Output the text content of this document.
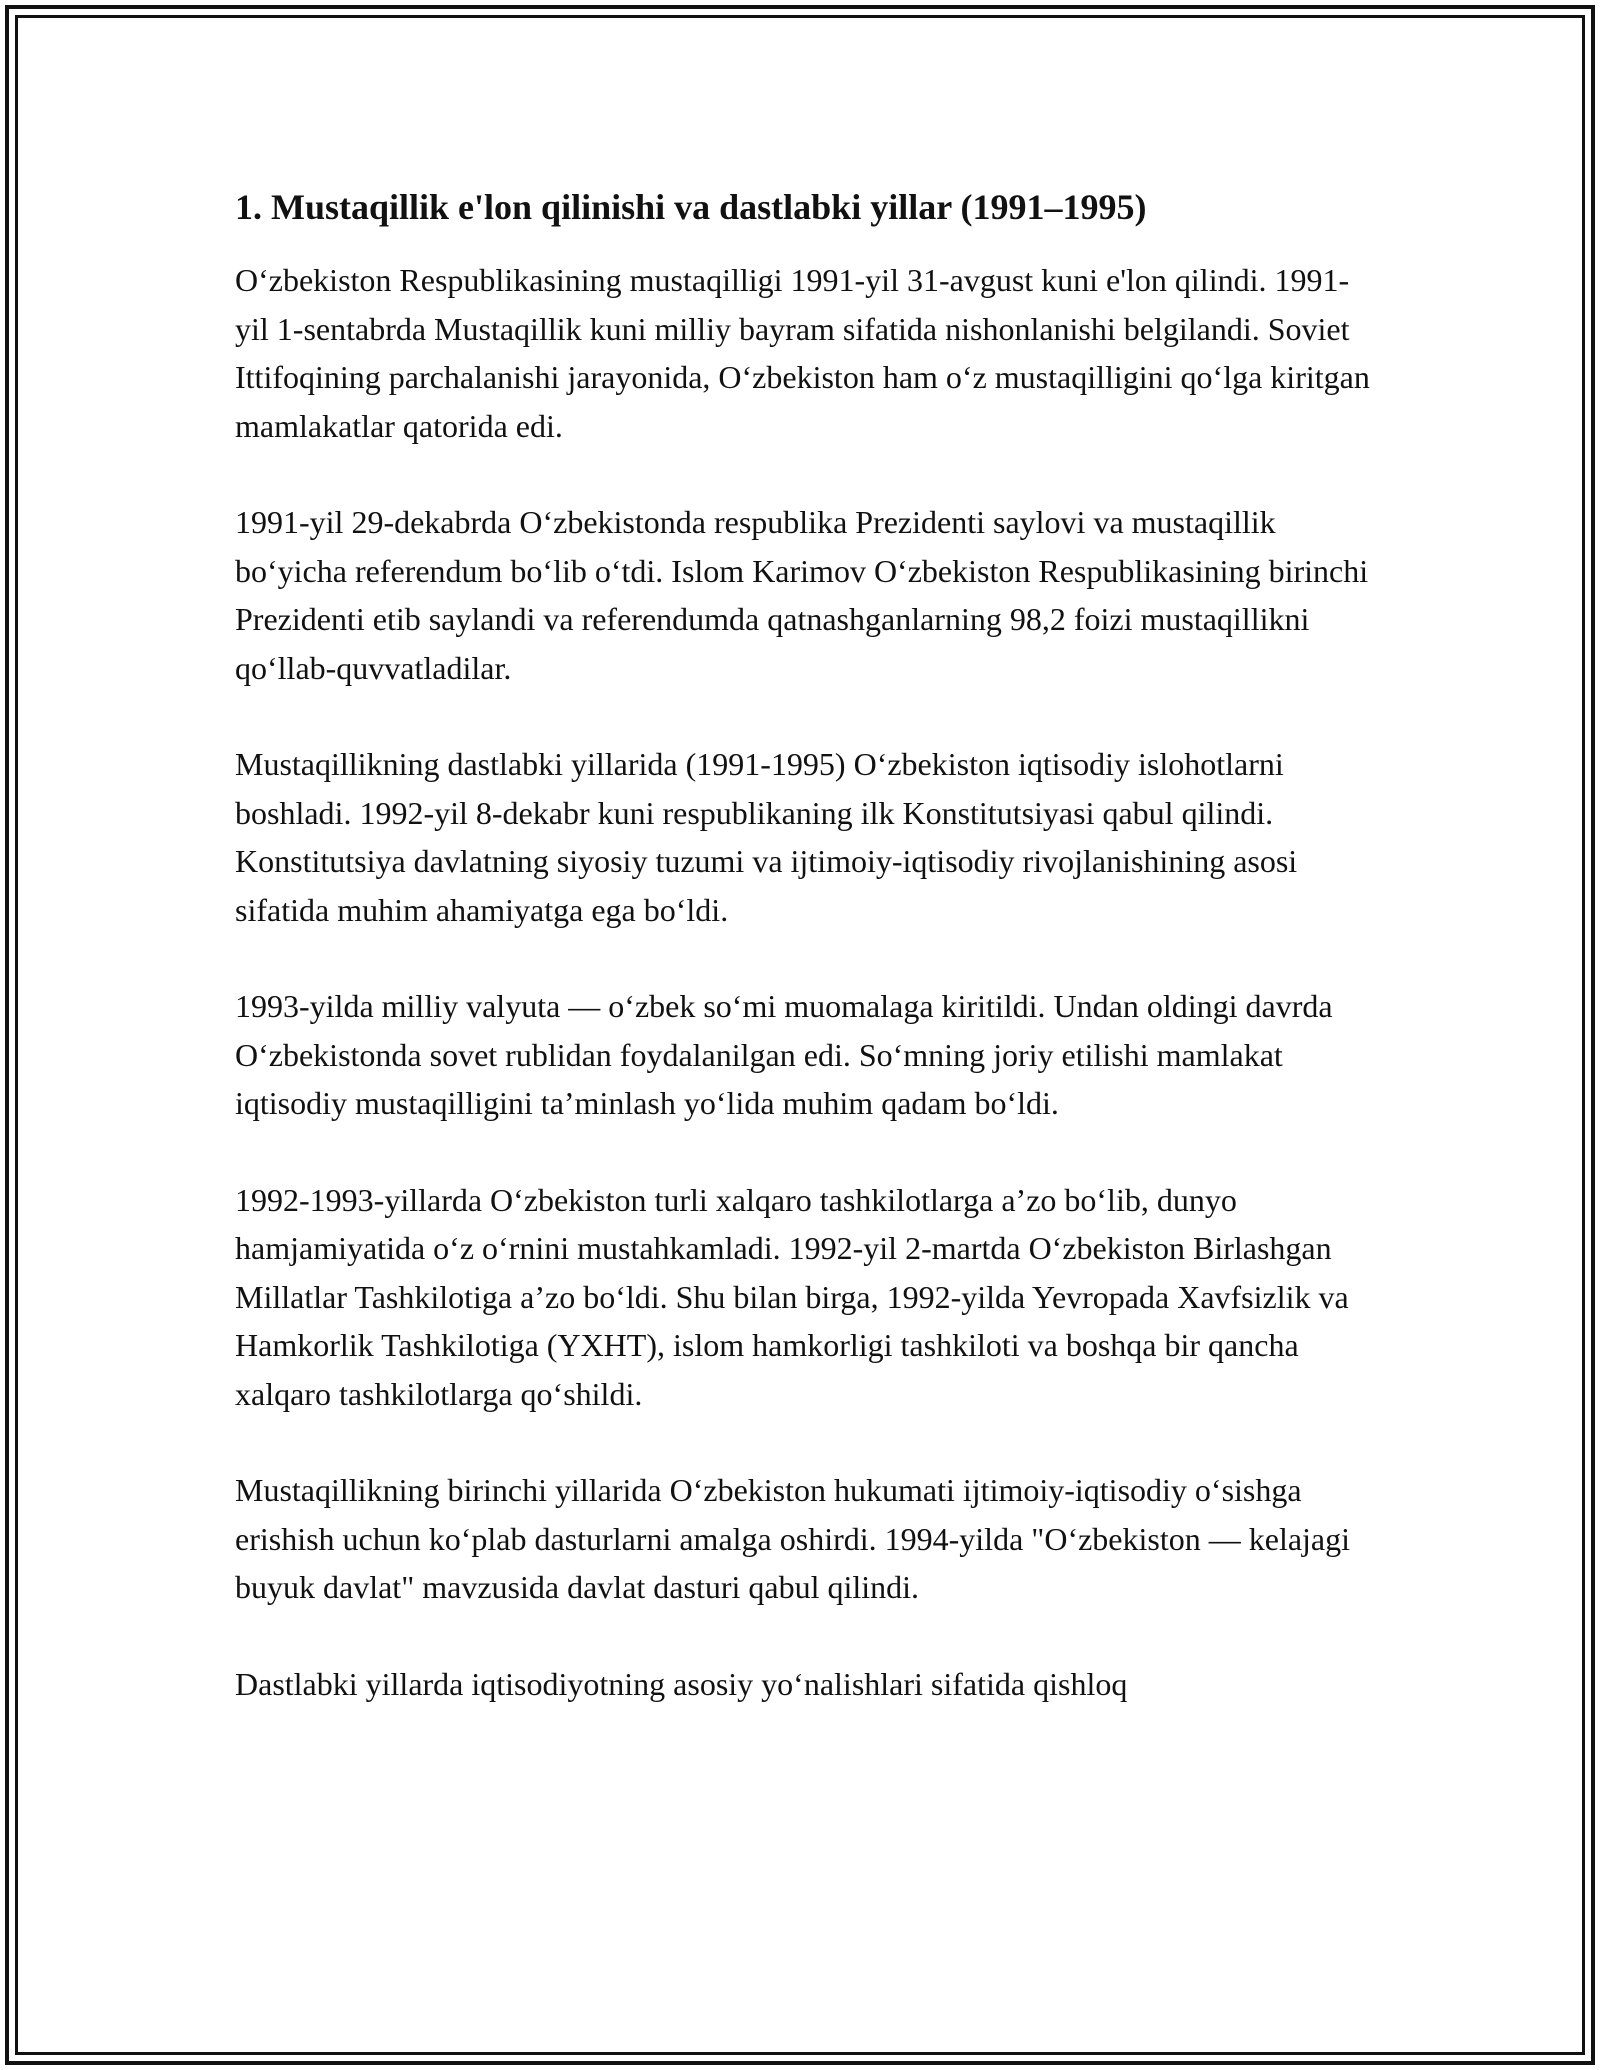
1. Mustaqillik e'lon qilinishi va dastlabki yillar (1991–1995)

O‘zbekiston Respublikasining mustaqilligi 1991-yil 31-avgust kuni e'lon qilindi. 1991-yil 1-sentabrda Mustaqillik kuni milliy bayram sifatida nishonlanishi belgilandi. Soviet Ittifoqining parchalanishi jarayonida, O‘zbekiston ham o‘z mustaqilligini qo‘lga kiritgan mamlakatlar qatorida edi.

1991-yil 29-dekabrda O‘zbekistonda respublika Prezidenti saylovi va mustaqillik bo‘yicha referendum bo‘lib o‘tdi. Islom Karimov O‘zbekiston Respublikasining birinchi Prezidenti etib saylandi va referendumda qatnashganlarning 98,2 foizi mustaqillikni qo‘llab-quvvatladilar.

Mustaqillikning dastlabki yillarida (1991-1995) O‘zbekiston iqtisodiy islohotlarni boshladi. 1992-yil 8-dekabr kuni respublikaning ilk Konstitutsiyasi qabul qilindi. Konstitutsiya davlatning siyosiy tuzumi va ijtimoiy-iqtisodiy rivojlanishining asosi sifatida muhim ahamiyatga ega bo‘ldi.

1993-yilda milliy valyuta — o‘zbek so‘mi muomalaga kiritildi. Undan oldingi davrda O‘zbekistonda sovet rublidan foydalanilgan edi. So‘mning joriy etilishi mamlakat iqtisodiy mustaqilligini ta’minlash yo‘lida muhim qadam bo‘ldi.

1992-1993-yillarda O‘zbekiston turli xalqaro tashkilotlarga a’zo bo‘lib, dunyo hamjamiyatida o‘z o‘rnini mustahkamladi. 1992-yil 2-martda O‘zbekiston Birlashgan Millatlar Tashkilotiga a’zo bo‘ldi. Shu bilan birga, 1992-yilda Yevropada Xavfsizlik va Hamkorlik Tashkilotiga (YXHT), islom hamkorligi tashkiloti va boshqa bir qancha xalqaro tashkilotlarga qo‘shildi.

Mustaqillikning birinchi yillarida O‘zbekiston hukumati ijtimoiy-iqtisodiy o‘sishga erishish uchun ko‘plab dasturlarni amalga oshirdi. 1994-yilda "O‘zbekiston — kelajagi buyuk davlat" mavzusida davlat dasturi qabul qilindi.

Dastlabki yillarda iqtisodiyotning asosiy yo‘nalishlari sifatida qishloq
